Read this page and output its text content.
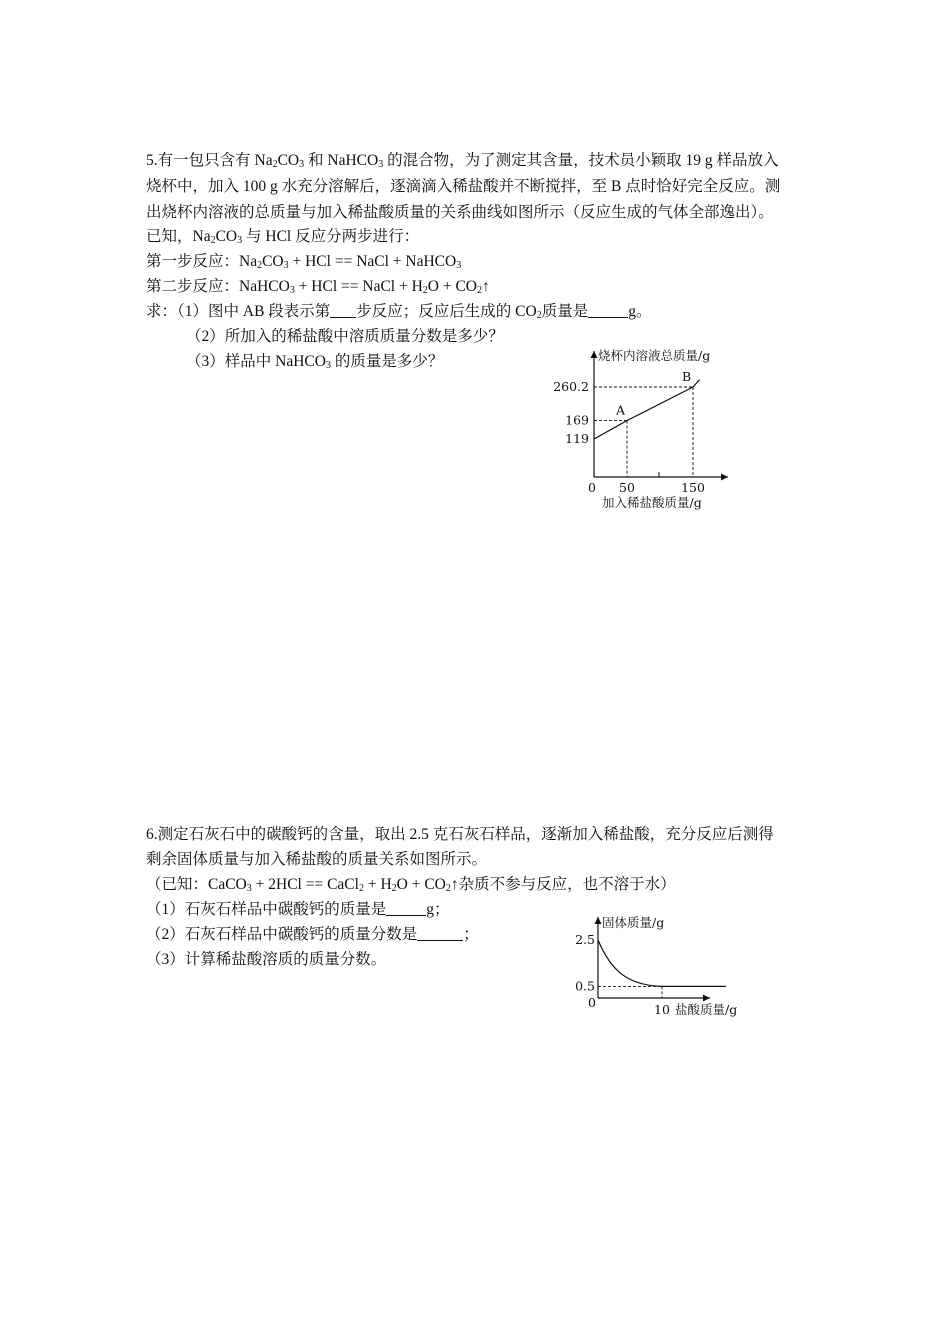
5.有一包只含有 $Na_2CO_3$ 和 NaHCO$_3$ 的混合物，为了测定其含量，技术员小颖取 19 g 样品放入
烧杯中，加入 100 g 水充分溶解后，逐滴滴入稀盐酸并不断搅拌，至 B 点时恰好完全反应。测
出烧杯内溶液的总质量与加入稀盐酸质量的关系曲线如图所示（反应生成的气体全部逸出）。
已知，$Na_2CO_3$ 与 HCl 反应分两步进行：
第一步反应：$Na_2CO_3$ + HCl == NaCl + NaHCO$_3$
第二步反应：NaHCO$_3$ + HCl == NaCl + $H_2O$ + $CO_2↑$
求：（1）图中 AB 段表示第 步反应；反应后生成的 $CO_2$质量是	g。
（2）所加入的稀盐酸中溶质质量分数是多少？
（3）样品中 NaHCO$_3$ 的质量是多少？	烧杯内溶液总质量/g
加入稀盐酸质量/g
0
A
B
260.2
169
119
50	150
6.测定石灰石中的碳酸钙的含量，取出 2.5 克石灰石样品，逐渐加入稀盐酸，充分反应后测得
剩余固体质量与加入稀盐酸的质量关系如图所示。
（已知：CaCO$_3$ + 2HCl == CaCl$_2$ + $H_2O$ + $CO_2↑$杂质不参与反应，也不溶于水）
（1）石灰石样品中碳酸钙的质量是	g；
（2）石灰石样品中碳酸钙的质量分数是	；
（3）计算稀盐酸溶质的质量分数。
固体质量/g
盐酸质量/g
0
2.5
0.5
10
